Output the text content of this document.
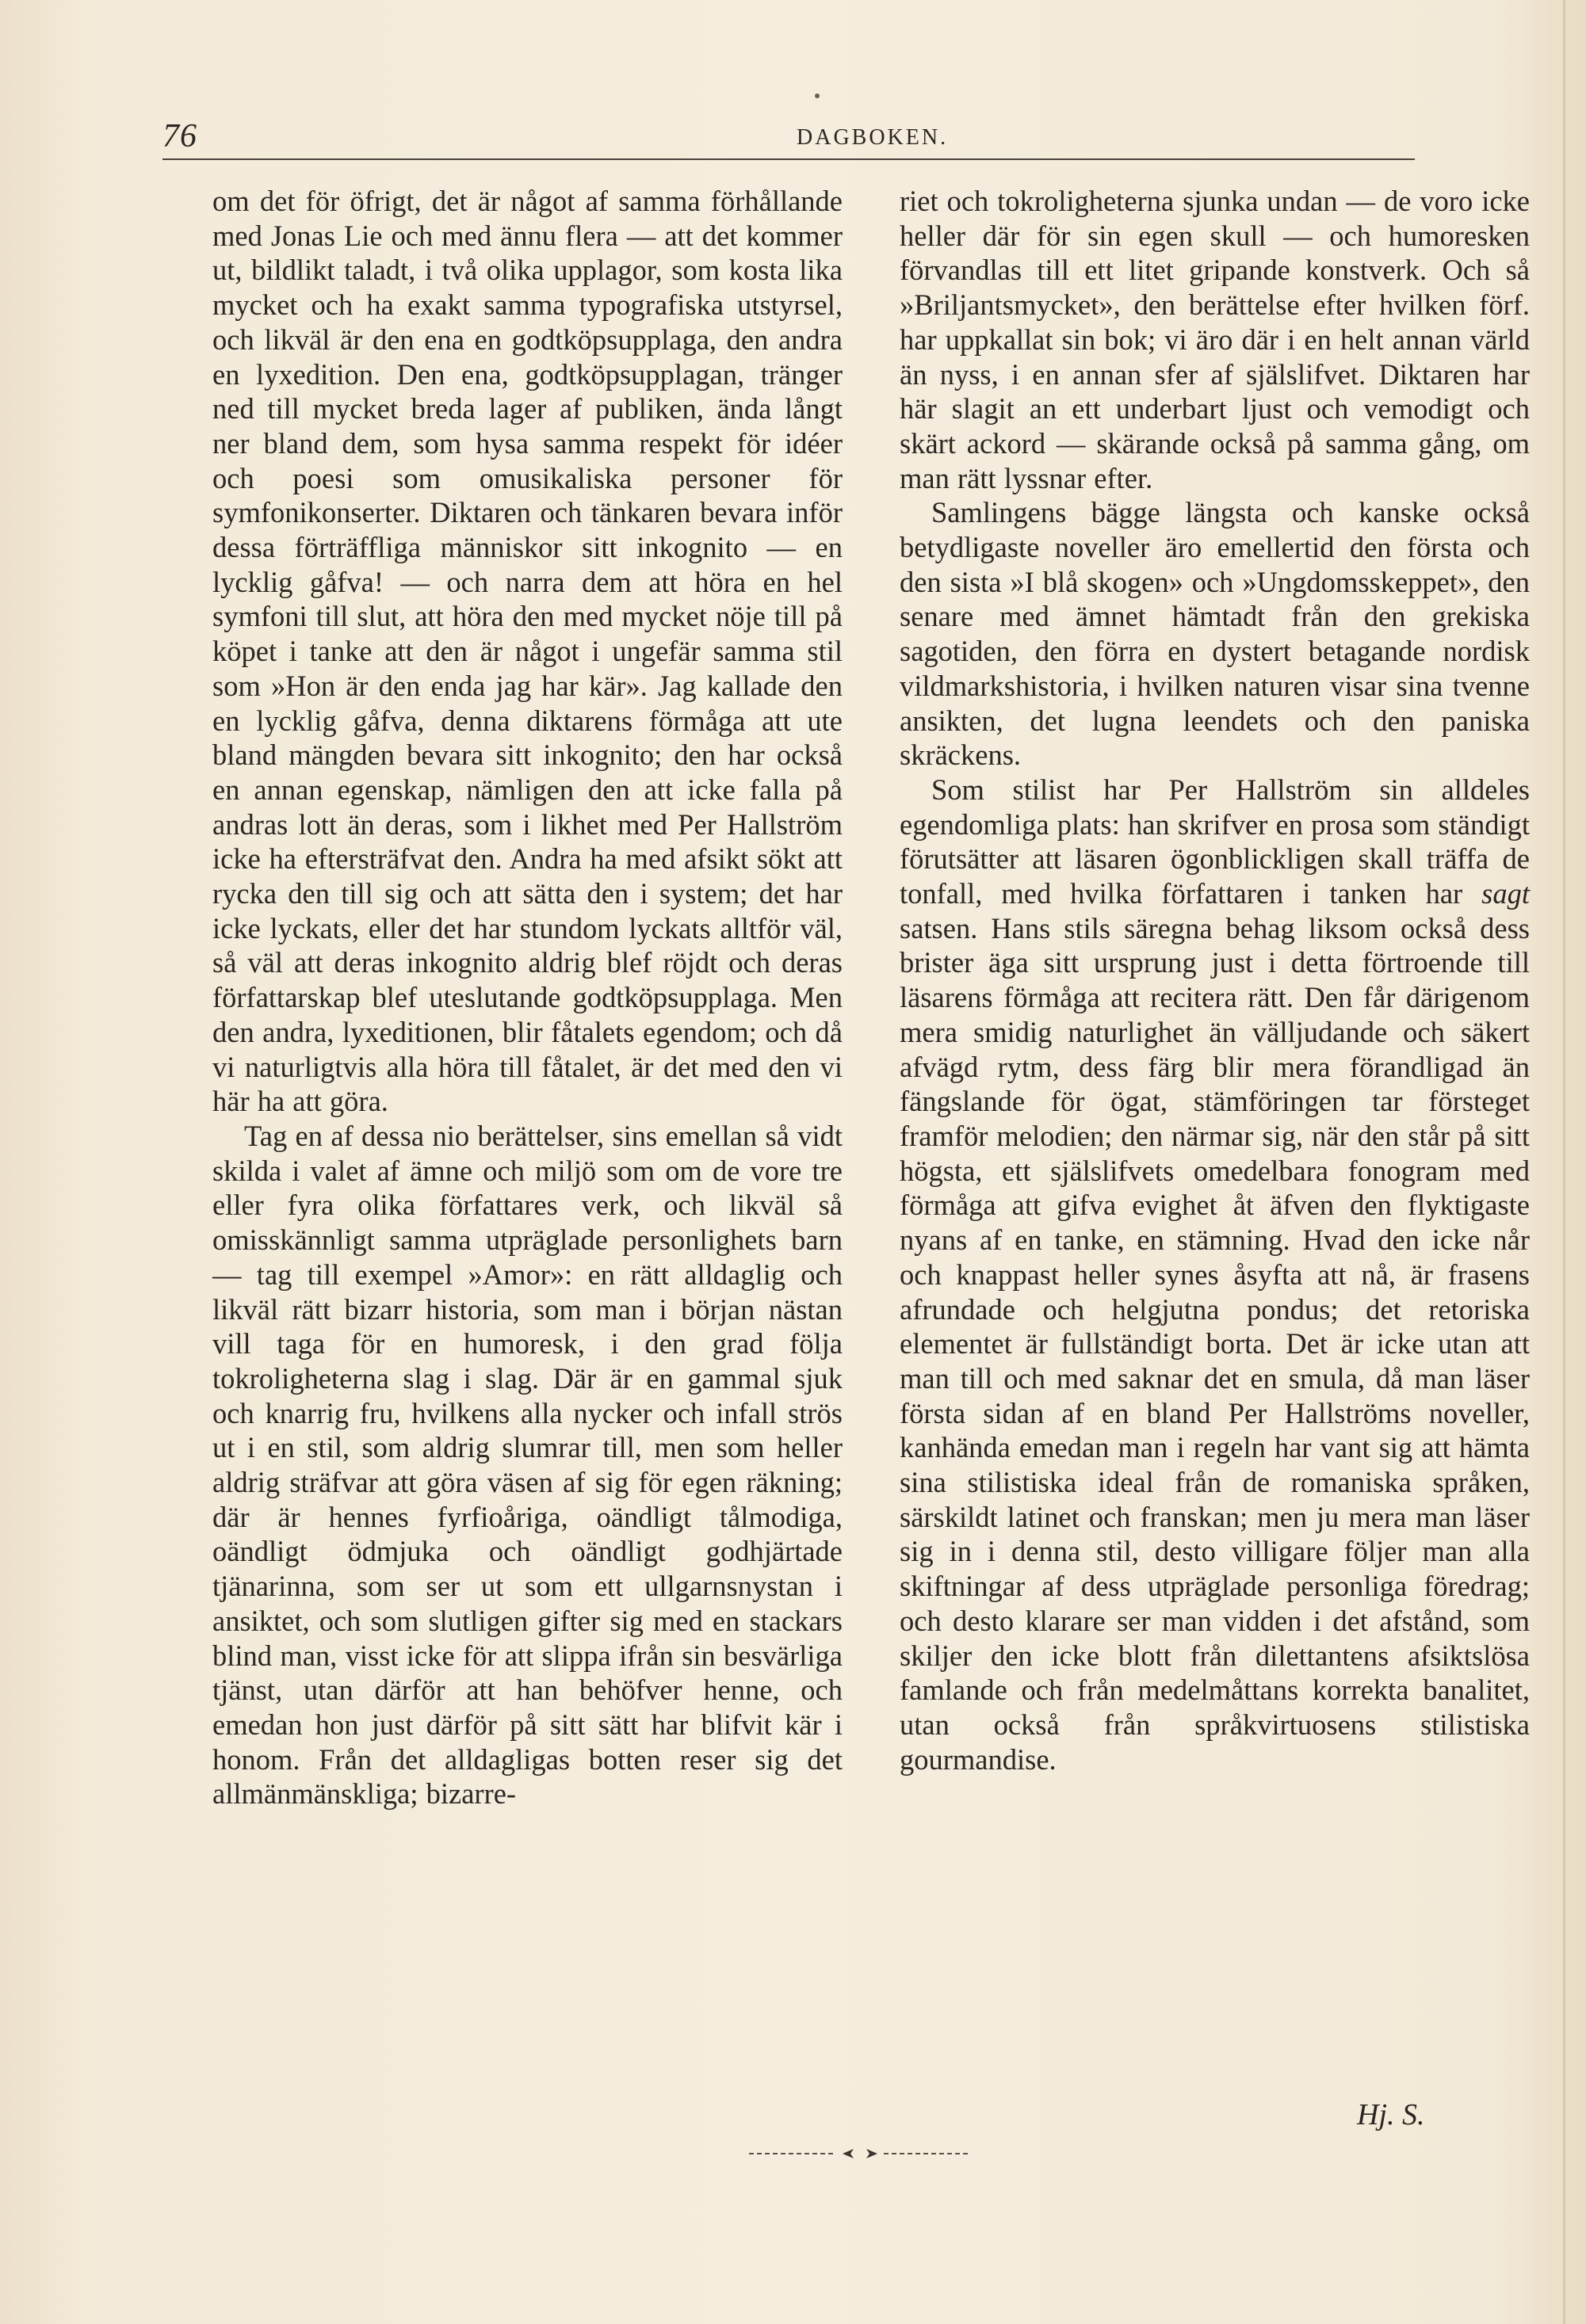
76	DAGBOKEN.

om det för öfrigt, det är något af samma förhållande med Jonas Lie och med ännu flera — att det kommer ut, bildlikt taladt, i två olika upplagor, som kosta lika mycket och ha exakt samma typografiska utstyrsel, och likväl är den ena en godtköpsupplaga, den andra en lyxedition. Den ena, godtköpsupplagan, tränger ned till mycket breda lager af publiken, ända långt ner bland dem, som hysa samma respekt för idéer och poesi som omusikaliska personer för symfonikonserter. Diktaren och tänkaren bevara inför dessa förträffliga människor sitt inkognito — en lycklig gåfva! — och narra dem att höra en hel symfoni till slut, att höra den med mycket nöje till på köpet i tanke att den är något i ungefär samma stil som »Hon är den enda jag har kär». Jag kallade den en lycklig gåfva, denna diktarens förmåga att ute bland mängden bevara sitt inkognito; den har också en annan egenskap, nämligen den att icke falla på andras lott än deras, som i likhet med Per Hallström icke ha eftersträfvat den. Andra ha med afsikt sökt att rycka den till sig och att sätta den i system; det har icke lyckats, eller det har stundom lyckats alltför väl, så väl att deras inkognito aldrig blef röjdt och deras författarskap blef uteslutande godtköpsupplaga. Men den andra, lyxeditionen, blir fåtalets egendom; och då vi naturligtvis alla höra till fåtalet, är det med den vi här ha att göra.

Tag en af dessa nio berättelser, sins emellan så vidt skilda i valet af ämne och miljö som om de vore tre eller fyra olika författares verk, och likväl så omisskännligt samma utpräglade personlighets barn — tag till exempel »Amor»: en rätt alldaglig och likväl rätt bizarr historia, som man i början nästan vill taga för en humoresk, i den grad följa tokroligheterna slag i slag. Där är en gammal sjuk och knarrig fru, hvilkens alla nycker och infall strös ut i en stil, som aldrig slumrar till, men som heller aldrig sträfvar att göra väsen af sig för egen räkning; där är hennes fyrfioåriga, oändligt tålmodiga, oändligt ödmjuka och oändligt godhjärtade tjänarinna, som ser ut som ett ullgarnsnystan i ansiktet, och som slutligen gifter sig med en stackars blind man, visst icke för att slippa ifrån sin besvärliga tjänst, utan därför att han behöfver henne, och emedan hon just därför på sitt sätt har blifvit kär i honom. Från det alldagligas botten reser sig det allmänmänskliga; bizarre-

riet och tokroligheterna sjunka undan — de voro icke heller där för sin egen skull — och humoresken förvandlas till ett litet gripande konstverk. Och så »Briljantsmycket», den berättelse efter hvilken förf. har uppkallat sin bok; vi äro där i en helt annan värld än nyss, i en annan sfer af själslifvet. Diktaren har här slagit an ett underbart ljust och vemodigt och skärt ackord — skärande också på samma gång, om man rätt lyssnar efter.

Samlingens bägge längsta och kanske också betydligaste noveller äro emellertid den första och den sista »I blå skogen» och »Ungdomsskeppet», den senare med ämnet hämtadt från den grekiska sagotiden, den förra en dystert betagande nordisk vildmarkshistoria, i hvilken naturen visar sina tvenne ansikten, det lugna leendets och den paniska skräckens.

Som stilist har Per Hallström sin alldeles egendomliga plats: han skrifver en prosa som ständigt förutsätter att läsaren ögonblickligen skall träffa de tonfall, med hvilka författaren i tanken har sagt satsen. Hans stils säregna behag liksom också dess brister äga sitt ursprung just i detta förtroende till läsarens förmåga att recitera rätt. Den får därigenom mera smidig naturlighet än välljudande och säkert afvägd rytm, dess färg blir mera förandligad än fängslande för ögat, stämföringen tar försteget framför melodien; den närmar sig, när den står på sitt högsta, ett själslifvets omedelbara fonogram med förmåga att gifva evighet åt äfven den flyktigaste nyans af en tanke, en stämning. Hvad den icke når och knappast heller synes åsyfta att nå, är frasens afrundade och helgjutna pondus; det retoriska elementet är fullständigt borta. Det är icke utan att man till och med saknar det en smula, då man läser första sidan af en bland Per Hallströms noveller, kanhända emedan man i regeln har vant sig att hämta sina stilistiska ideal från de romaniska språken, särskildt latinet och franskan; men ju mera man läser sig in i denna stil, desto villigare följer man alla skiftningar af dess utpräglade personliga föredrag; och desto klarare ser man vidden i det afstånd, som skiljer den icke blott från dilettantens afsiktslösa famlande och från medelmåttans korrekta banalitet, utan också från språkvirtuosens stilistiska gourmandise.

Hj. S.
